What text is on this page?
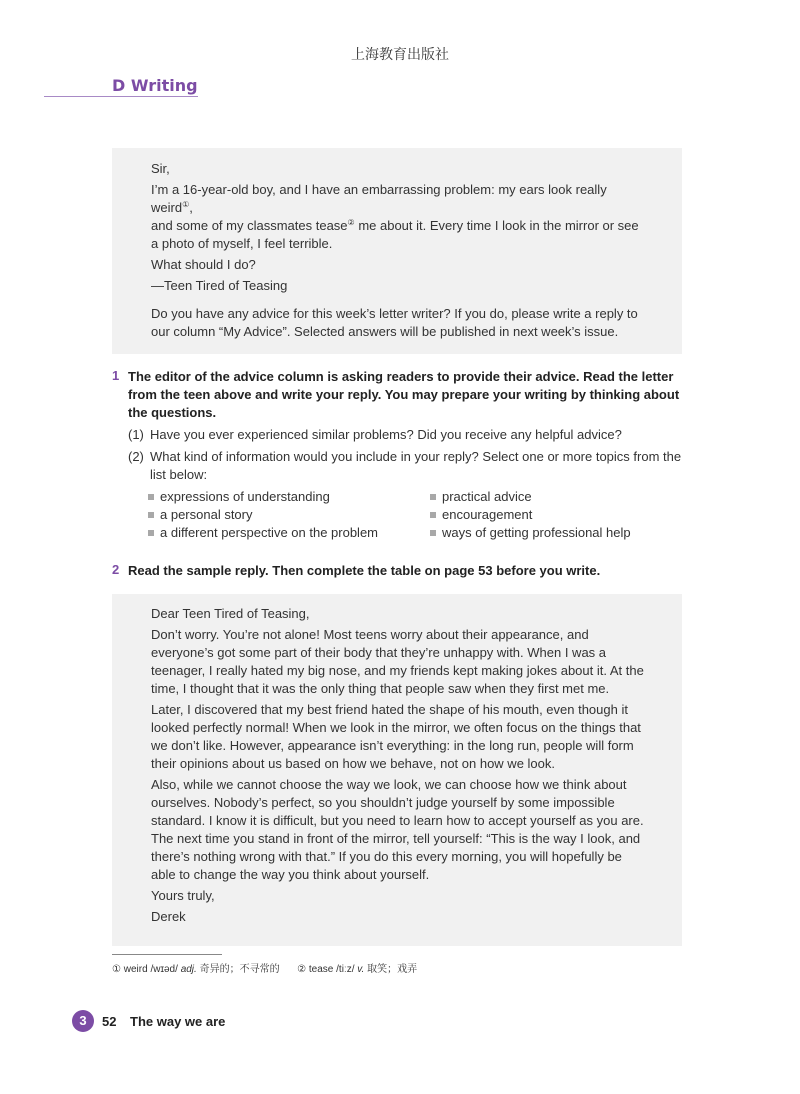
上海教育出版社
D Writing

Sir,

I’m a 16-year-old boy, and I have an embarrassing problem: my ears look really weird①,
and some of my classmates tease② me about it. Every time I look in the mirror or see a photo of myself, I feel terrible.

What should I do?

—Teen Tired of Teasing

Do you have any advice for this week’s letter writer? If you do, please write a reply to our column “My Advice”. Selected answers will be published in next week’s issue.

1 The editor of the advice column is asking readers to provide their advice. Read the letter from the teen above and write your reply. You may prepare your writing by thinking about the questions.
(1) Have you ever experienced similar problems? Did you receive any helpful advice?
(2) What kind of information would you include in your reply? Select one or more topics from the list below:
expressions of understanding	practical advice
a personal story	encouragement
a different perspective on the problem	ways of getting professional help
2 Read the sample reply. Then complete the table on page 53 before you write.

Dear Teen Tired of Teasing,

Don’t worry. You’re not alone! Most teens worry about their appearance, and everyone’s got some part of their body that they’re unhappy with. When I was a teenager, I really hated my big nose, and my friends kept making jokes about it. At the time, I thought that it was the only thing that people saw when they first met me.

Later, I discovered that my best friend hated the shape of his mouth, even though it looked perfectly normal! When we look in the mirror, we often focus on the things that we don’t like. However, appearance isn’t everything: in the long run, people will form their opinions about us based on how we behave, not on how we look.

Also, while we cannot choose the way we look, we can choose how we think about ourselves. Nobody’s perfect, so you shouldn’t judge yourself by some impossible standard. I know it is difficult, but you need to learn how to accept yourself as you are. The next time you stand in front of the mirror, tell yourself: “This is the way I look, and there’s nothing wrong with that.” If you do this every morning, you will hopefully be able to change the way you think about yourself.

Yours truly,

Derek

① weird /wɪəd/ adj. 奇异的；不寻常的 ② tease /tiːz/ v. 取笑；戏弄
3	52 The way we are
